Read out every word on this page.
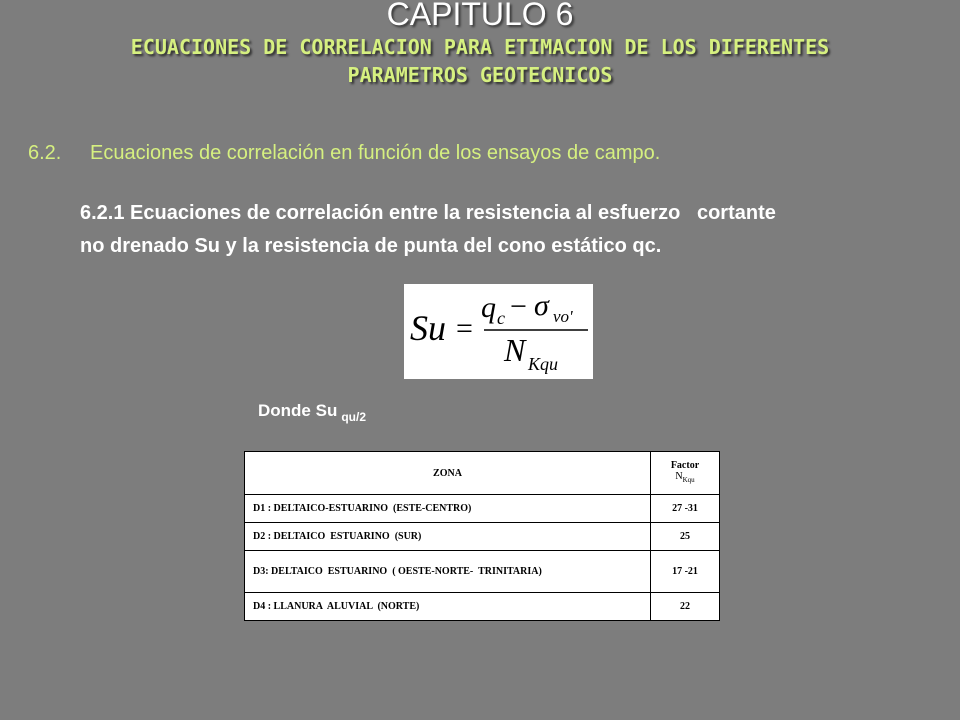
CAPITULO 6
ECUACIONES DE CORRELACION PARA ETIMACION DE LOS DIFERENTES
PARAMETROS GEOTECNICOS
6.2. Ecuaciones de correlación en función de los ensayos de campo.
6.2.1 Ecuaciones de correlación entre la resistencia al esfuerzo   cortante
no drenado Su y la resistencia de punta del cono estático qc.
Su =
q c − σ vo'
N Kqu
Donde Su $_{qu/2}$
ZONA	Factor
$N_{Kqu}$

D1 : DELTAICO-ESTUARINO  (ESTE-CENTRO)	27 -31
D2 : DELTAICO  ESTUARINO  (SUR)	25
D3: DELTAICO  ESTUARINO  ( OESTE-NORTE-  TRINITARIA)	17 -21
D4 : LLANURA  ALUVIAL  (NORTE)	22
